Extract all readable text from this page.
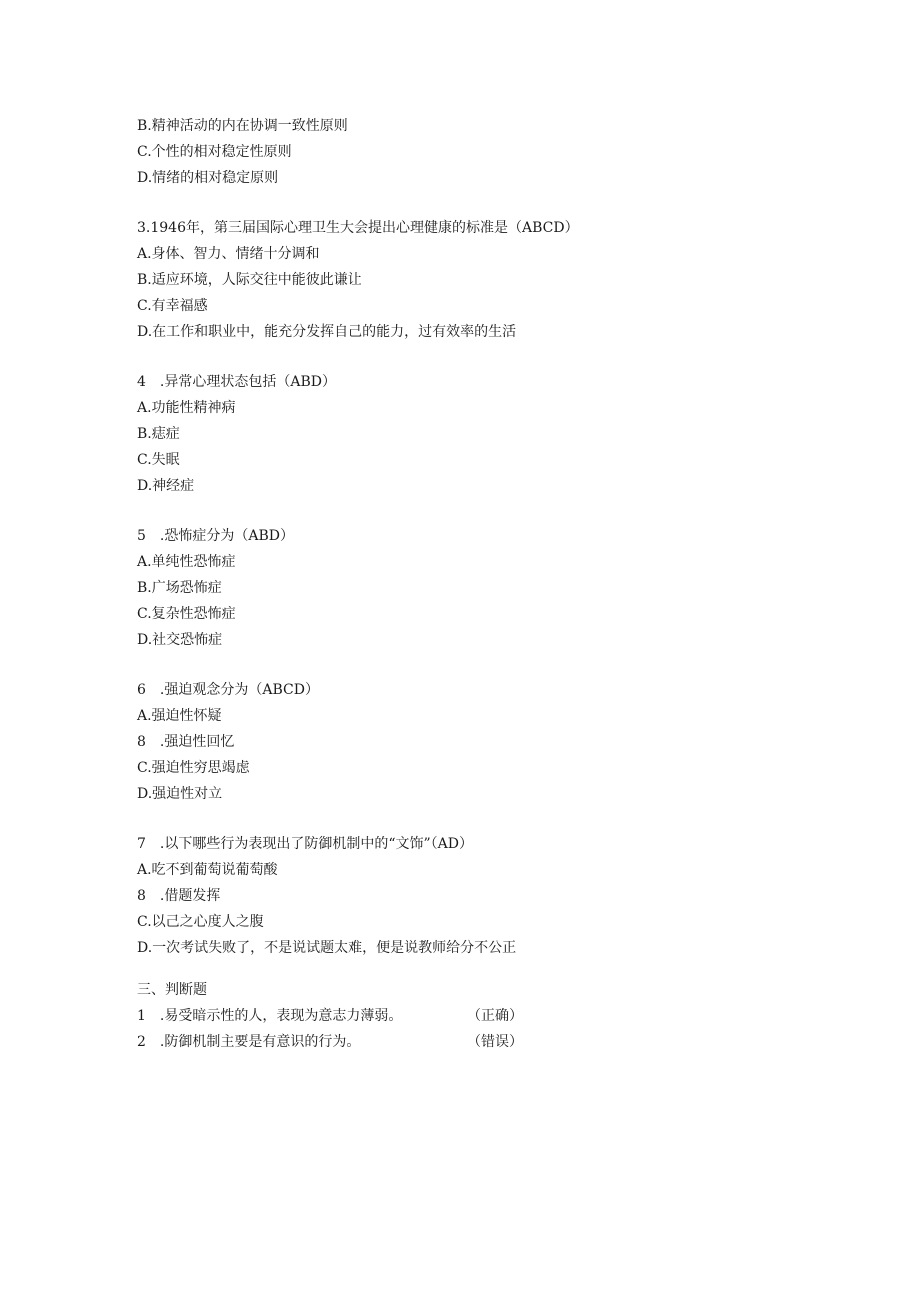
B.精神活动的内在协调一致性原则
C.个性的相对稳定性原则
D.情绪的相对稳定原则
3.1946年，第三届国际心理卫生大会提出心理健康的标准是（ABCD）
A.身体、智力、情绪十分调和
B.适应环境，人际交往中能彼此谦让
C.有幸福感
D.在工作和职业中，能充分发挥自己的能力，过有效率的生活
4　.异常心理状态包括（ABD）
A.功能性精神病
B.痣症
C.失眠
D.神经症
5　.恐怖症分为（ABD）
A.单纯性恐怖症
B.广场恐怖症
C.复杂性恐怖症
D.社交恐怖症
6　.强迫观念分为（ABCD）
A.强迫性怀疑
8　.强迫性回忆
C.强迫性穷思竭虑
D.强迫性对立
7　.以下哪些行为表现出了防御机制中的“文饰”（AD）
A.吃不到葡萄说葡萄酸
8　.借题发挥
C.以己之心度人之腹
D.一次考试失败了，不是说试题太难，便是说教师给分不公正
三、判断题
1　.易受暗示性的人，表现为意志力薄弱。	（正确）
2　.防御机制主要是有意识的行为。	（错误）
